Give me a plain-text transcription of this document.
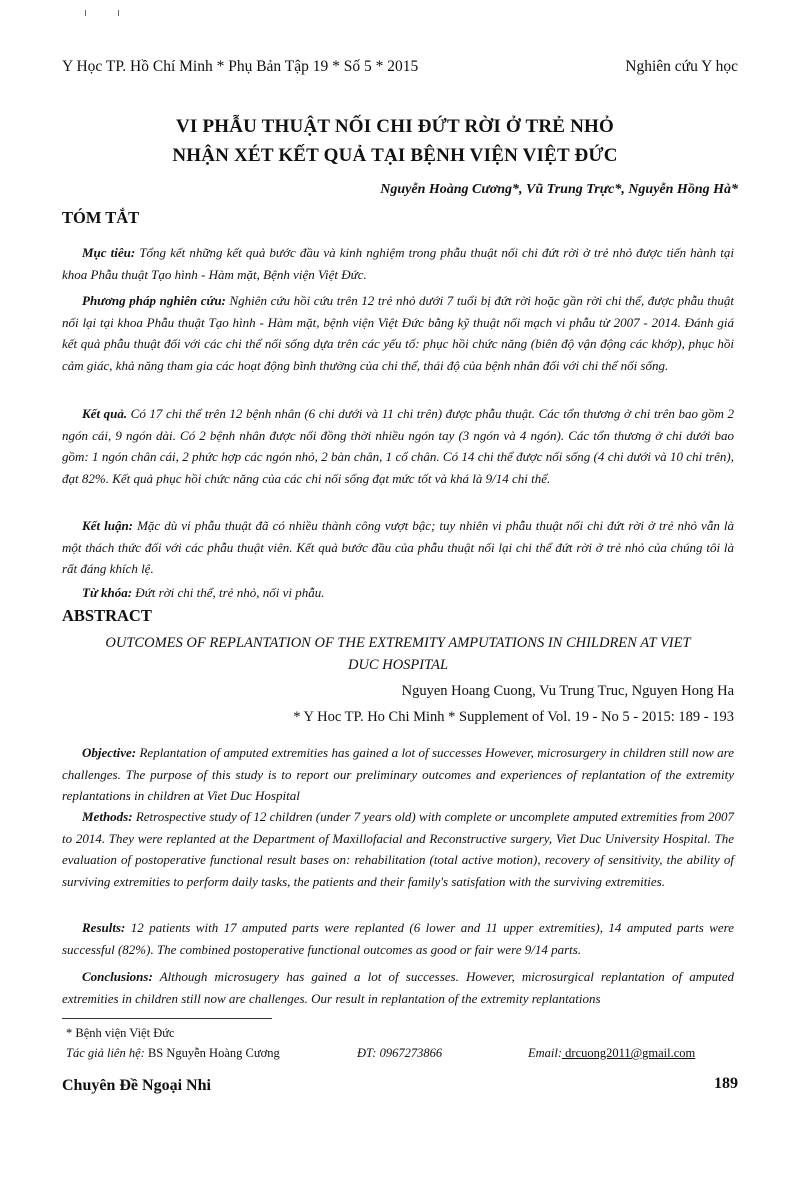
Y Học TP. Hồ Chí Minh * Phụ Bản Tập 19 * Số 5 * 2015	Nghiên cứu Y học
VI PHẪU THUẬT NỐI CHI ĐỨT RỜI Ở TRẺ NHỎ
NHẬN XÉT KẾT QUẢ TẠI BỆNH VIỆN VIỆT ĐỨC
Nguyễn Hoàng Cương*, Vũ Trung Trực*, Nguyễn Hồng Hà*
TÓM TẮT

Mục tiêu: Tổng kết những kết quả bước đầu và kinh nghiệm trong phẫu thuật nối chi đứt rời ở trẻ nhỏ được tiến hành tại khoa Phẫu thuật Tạo hình - Hàm mặt, Bệnh viện Việt Đức.

Phương pháp nghiên cứu: Nghiên cứu hồi cứu trên 12 trẻ nhỏ dưới 7 tuổi bị đứt rời hoặc gần rời chi thể, được phẫu thuật nối lại tại khoa Phẫu thuật Tạo hình - Hàm mặt, bệnh viện Việt Đức bằng kỹ thuật nối mạch vi phẫu từ 2007 - 2014. Đánh giá kết quả phẫu thuật đối với các chi thể nối sống dựa trên các yếu tố: phục hồi chức năng (biên độ vận động các khớp), phục hồi cảm giác, khả năng tham gia các hoạt động bình thường của chi thể, thái độ của bệnh nhân đối với chi thể nối sống.

Kết quả. Có 17 chi thể trên 12 bệnh nhân (6 chi dưới và 11 chi trên) được phẫu thuật. Các tổn thương ở chi trên bao gồm 2 ngón cái, 9 ngón dài. Có 2 bệnh nhân được nối đồng thời nhiều ngón tay (3 ngón và 4 ngón). Các tổn thương ở chi dưới bao gồm: 1 ngón chân cái, 2 phức hợp các ngón nhỏ, 2 bàn chân, 1 cổ chân. Có 14 chi thể được nối sống (4 chi dưới và 10 chi trên), đạt 82%. Kết quả phục hồi chức năng của các chi nối sống đạt mức tốt và khá là 9/14 chi thể.

Kết luận: Mặc dù vi phẫu thuật đã có nhiều thành công vượt bậc; tuy nhiên vi phẫu thuật nối chi đứt rời ở trẻ nhỏ vẫn là một thách thức đối với các phẫu thuật viên. Kết quả bước đầu của phẫu thuật nối lại chi thể đứt rời ở trẻ nhỏ của chúng tôi là rất đáng khích lệ.

Từ khóa: Đứt rời chi thể, trẻ nhỏ, nối vi phẫu.

ABSTRACT
OUTCOMES OF REPLANTATION OF THE EXTREMITY AMPUTATIONS IN CHILDREN AT VIET
DUC HOSPITAL
Nguyen Hoang Cuong, Vu Trung Truc, Nguyen Hong Ha
* Y Hoc TP. Ho Chi Minh * Supplement of Vol. 19 - No 5 - 2015: 189 - 193

Objective: Replantation of amputed extremities has gained a lot of successes However, microsurgery in children still now are challenges. The purpose of this study is to report our preliminary outcomes and experiences of replantation of the extremity replantations in children at Viet Duc Hospital

Methods: Retrospective study of 12 children (under 7 years old) with complete or uncomplete amputed extremities from 2007 to 2014. They were replanted at the Department of Maxillofacial and Reconstructive surgery, Viet Duc University Hospital. The evaluation of postoperative functional result bases on: rehabilitation (total active motion), recovery of sensitivity, the ability of surviving extremities to perform daily tasks, the patients and their family's satisfation with the surviving extremities.

Results: 12 patients with 17 amputed parts were replanted (6 lower and 11 upper extremities), 14 amputed parts were successful (82%). The combined postoperative functional outcomes as good or fair were 9/14 parts.

Conclusions: Although microsugery has gained a lot of successes. However, microsurgical replantation of amputed extremities in children still now are challenges. Our result in replantation of the extremity replantations

* Bệnh viện Việt Đức
Tác giả liên hệ: BS Nguyễn Hoàng Cương	ĐT: 0967273866	Email: drcuong2011@gmail.com
Chuyên Đề Ngoại Nhi	189
